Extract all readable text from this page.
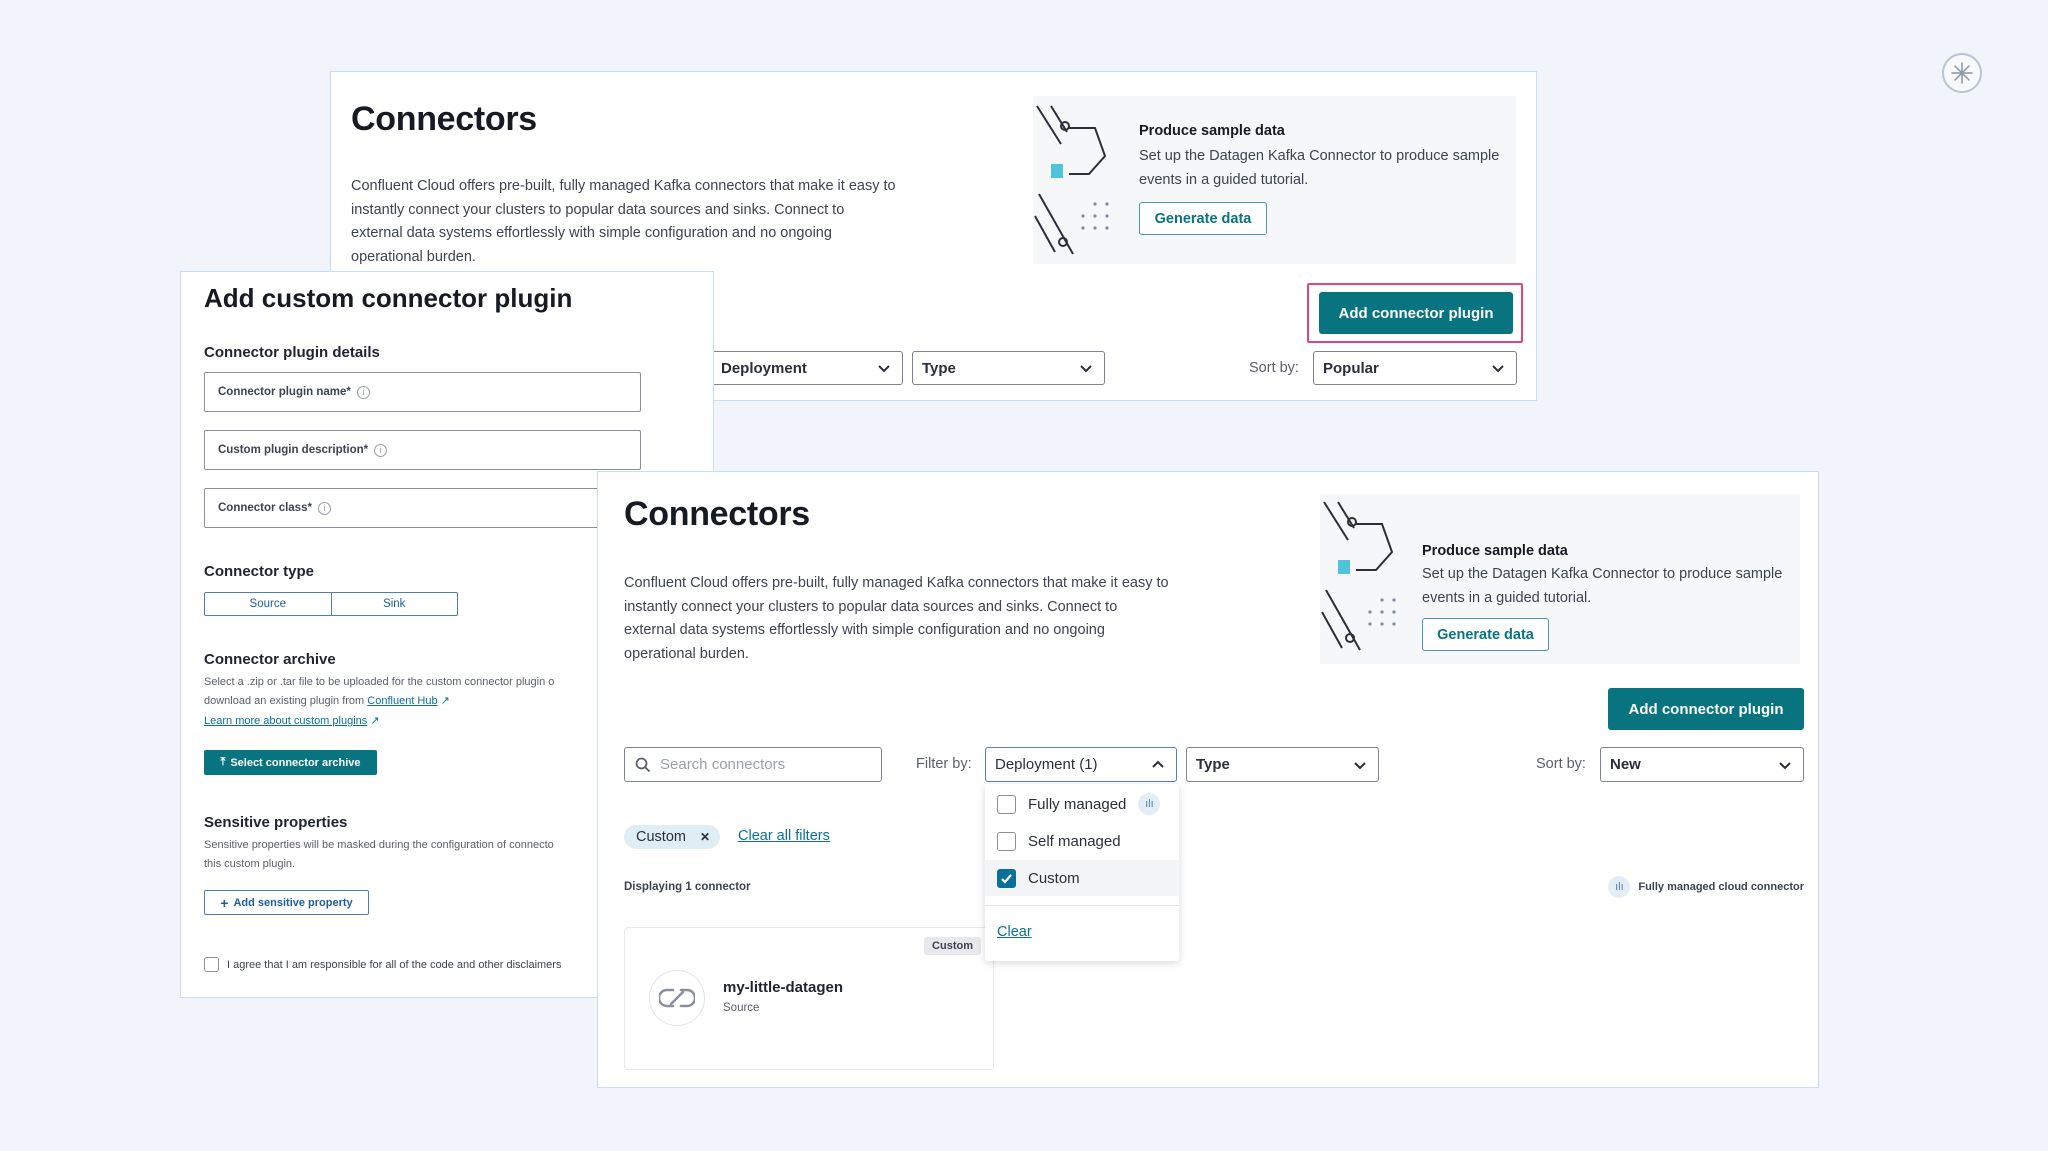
Connectors
Confluent Cloud offers pre-built, fully managed Kafka connectors that make it easy to instantly connect your clusters to popular data sources and sinks. Connect to external data systems effortlessly with simple configuration and no ongoing operational burden.
Produce sample data
Set up the Datagen Kafka Connector to produce sample events in a guided tutorial.
Generate data
Add connector plugin
Deployment	Type	Sort by: Popular
Add custom connector plugin
Connector plugin details
Connector plugin name*	i
Custom plugin description*	i
Connector class*	i
Connector type
Source	Sink
Connector archive
Select a .zip or .tar file to be uploaded for the custom connector plugin o
download an existing plugin from Confluent Hub ↗
Learn more about custom plugins ↗
⤒ Select connector archive
Sensitive properties
Sensitive properties will be masked during the configuration of connecto
this custom plugin.
+ Add sensitive property
I agree that I am responsible for all of the code and other disclaimers
Connectors
Confluent Cloud offers pre-built, fully managed Kafka connectors that make it easy to instantly connect your clusters to popular data sources and sinks. Connect to external data systems effortlessly with simple configuration and no ongoing operational burden.
Produce sample data
Set up the Datagen Kafka Connector to produce sample events in a guided tutorial.
Generate data
Add connector plugin
Search connectors	Filter by: Deployment (1)	Type	Sort by: New
Custom ✕ Clear all filters
Displaying 1 connector	ılı	Fully managed cloud connector
Custom
my-little-datagen
Source
Fully managed	ılı
Self managed
Custom
Clear
